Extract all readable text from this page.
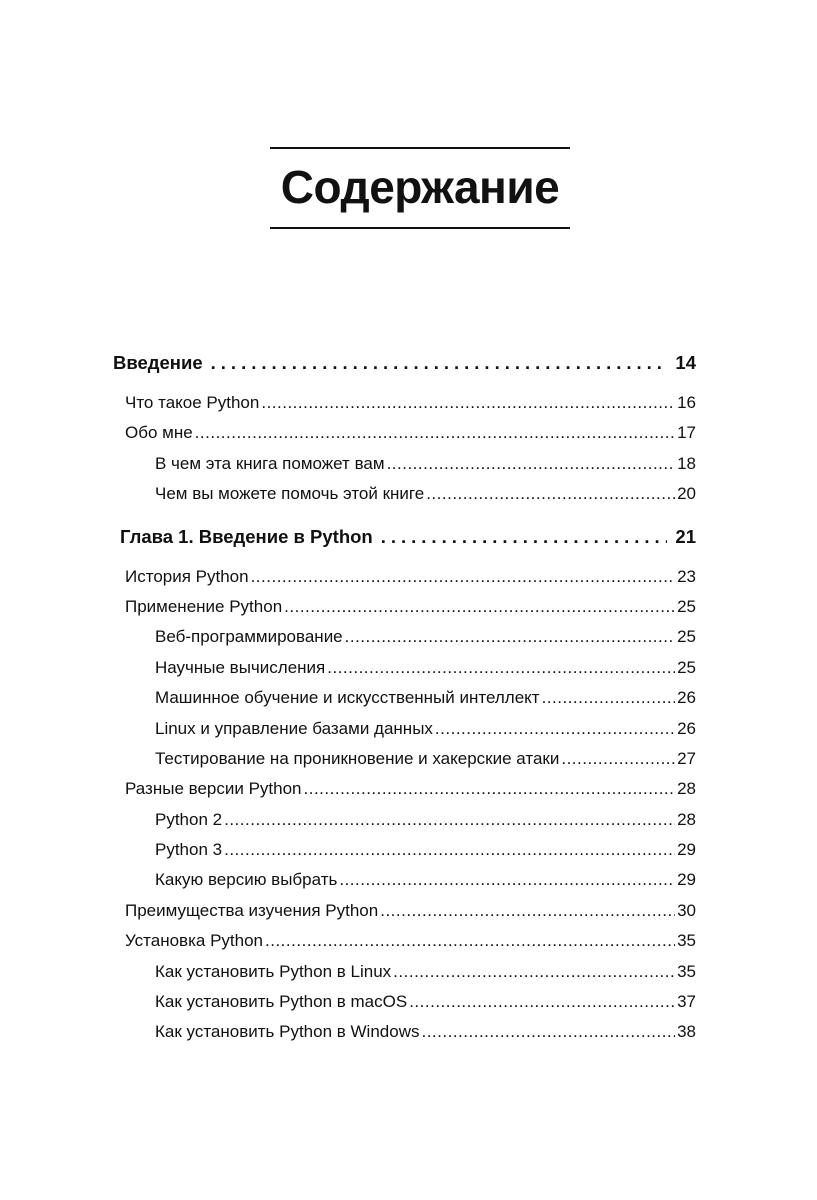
Содержание
Введение .....	14
Что такое Python .....	16
Обо мне .....	17
В чем эта книга поможет вам .....	18
Чем вы можете помочь этой книге .....	20
Глава 1. Введение в Python .....	21
История Python .....	23
Применение Python .....	25
Веб-программирование .....	25
Научные вычисления .....	25
Машинное обучение и искусственный интеллект .....	26
Linux и управление базами данных .....	26
Тестирование на проникновение и хакерские атаки .....	27
Разные версии Python .....	28
Python 2 .....	28
Python 3 .....	29
Какую версию выбрать .....	29
Преимущества изучения Python .....	30
Установка Python .....	35
Как установить Python в Linux .....	35
Как установить Python в macOS .....	37
Как установить Python в Windows .....	38
